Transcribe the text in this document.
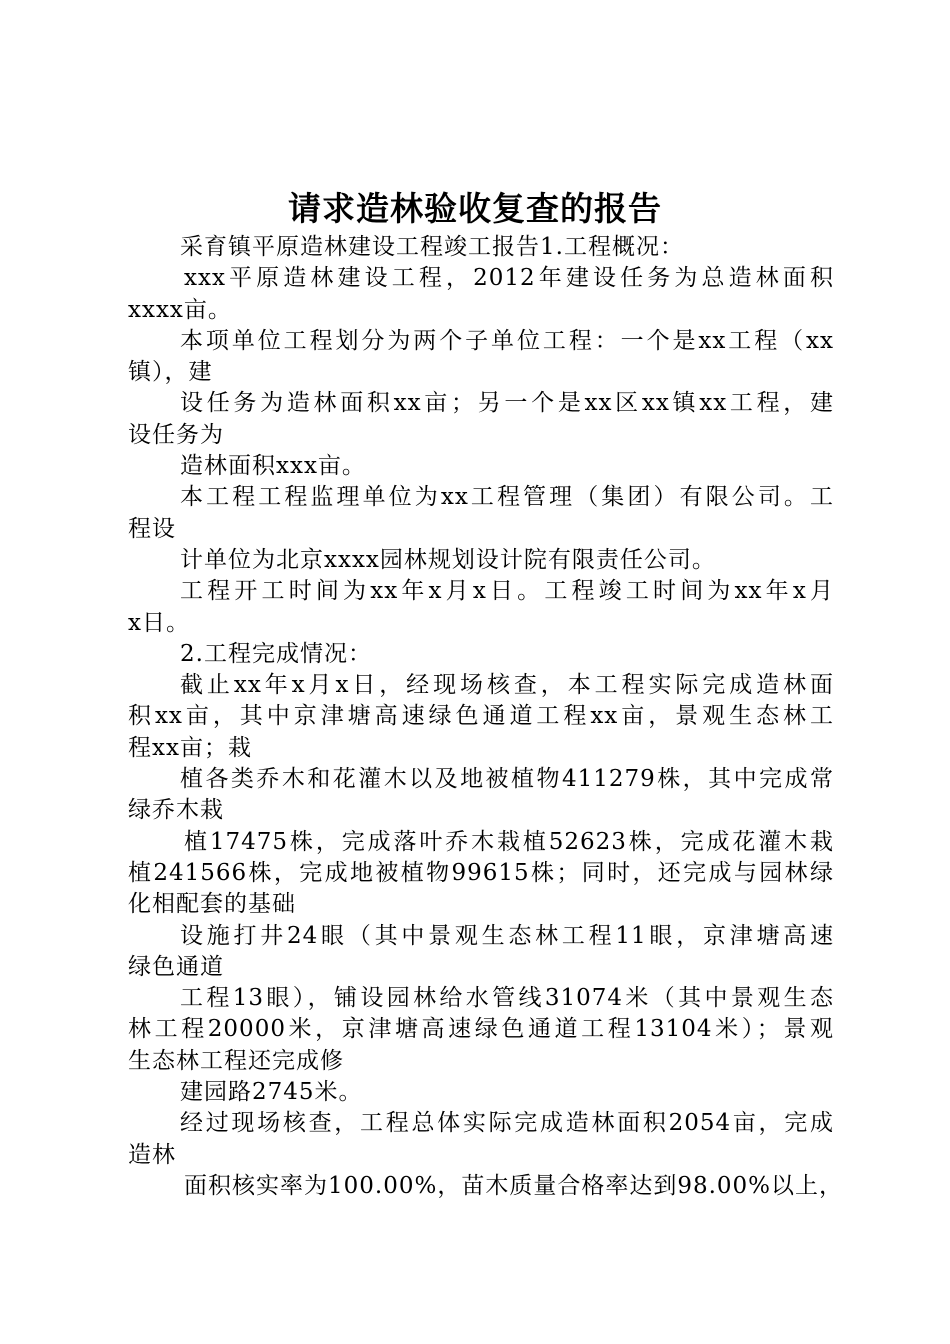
请求造林验收复查的报告
采育镇平原造林建设工程竣工报告1.工程概况：
xxx平原造林建设工程，2012年建设任务为总造林面积
xxxx亩。
本项单位工程划分为两个子单位工程：一个是xx工程（xx
镇），建
设任务为造林面积xx亩；另一个是xx区xx镇xx工程，建
设任务为
造林面积xxx亩。
本工程工程监理单位为xx工程管理（集团）有限公司。工
程设
计单位为北京xxxx园林规划设计院有限责任公司。
工程开工时间为xx年x月x日。工程竣工时间为xx年x月
x日。
2.工程完成情况：
截止xx年x月x日，经现场核查，本工程实际完成造林面
积xx亩，其中京津塘高速绿色通道工程xx亩，景观生态林工
程xx亩；栽
植各类乔木和花灌木以及地被植物411279株，其中完成常
绿乔木栽
植17475株，完成落叶乔木栽植52623株，完成花灌木栽
植241566株，完成地被植物99615株；同时，还完成与园林绿
化相配套的基础
设施打井24眼（其中景观生态林工程11眼，京津塘高速
绿色通道
工程13眼），铺设园林给水管线31074米（其中景观生态
林工程20000米，京津塘高速绿色通道工程13104米）；景观
生态林工程还完成修
建园路2745米。
经过现场核查，工程总体实际完成造林面积2054亩，完成
造林
面积核实率为100.00%，苗木质量合格率达到98.00%以上，
